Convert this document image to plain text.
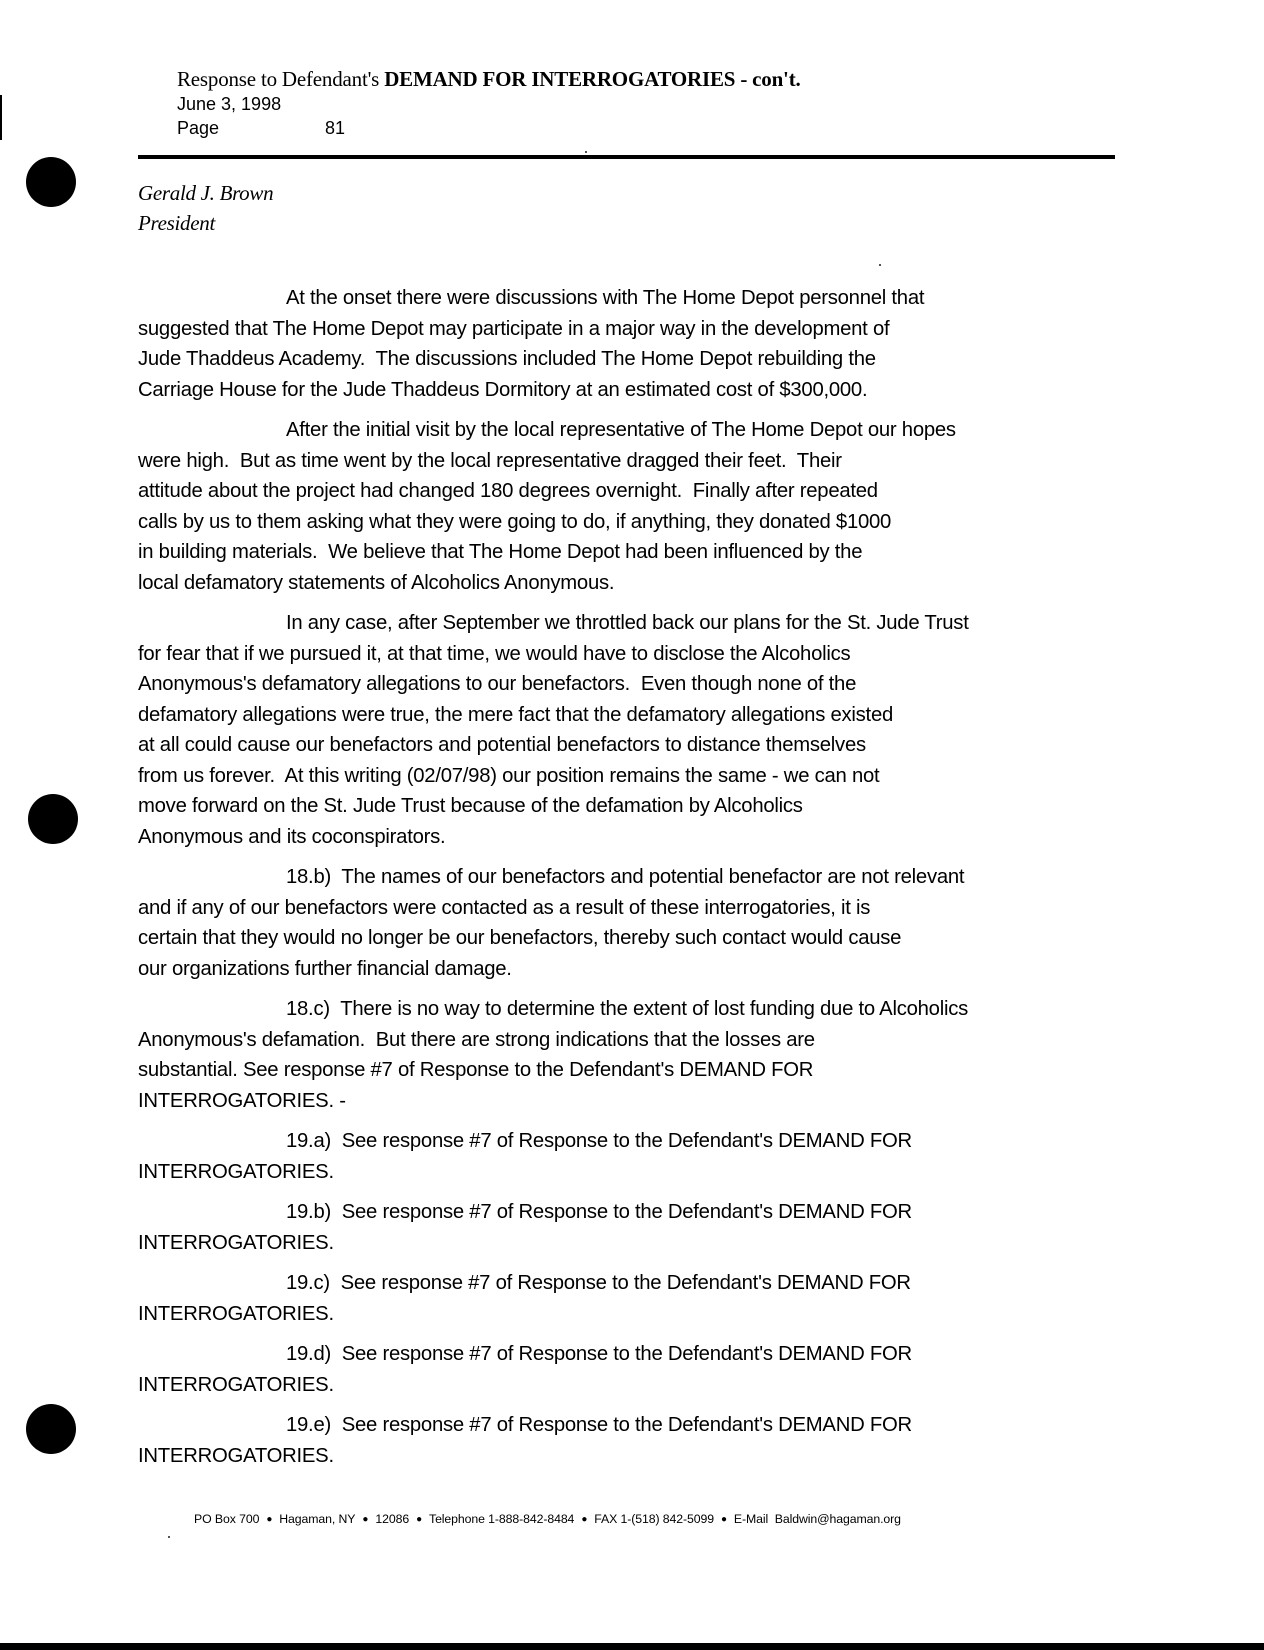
Response to Defendant's DEMAND FOR INTERROGATORIES - con't.
June 3, 1998
Page	81
Gerald J. Brown
President
At the onset there were discussions with The Home Depot personnel that
suggested that The Home Depot may participate in a major way in the development of
Jude Thaddeus Academy.  The discussions included The Home Depot rebuilding the
Carriage House for the Jude Thaddeus Dormitory at an estimated cost of $300,000.
After the initial visit by the local representative of The Home Depot our hopes
were high.  But as time went by the local representative dragged their feet.  Their
attitude about the project had changed 180 degrees overnight.  Finally after repeated
calls by us to them asking what they were going to do, if anything, they donated $1000
in building materials.  We believe that The Home Depot had been influenced by the
local defamatory statements of Alcoholics Anonymous.
In any case, after September we throttled back our plans for the St. Jude Trust
for fear that if we pursued it, at that time, we would have to disclose the Alcoholics
Anonymous's defamatory allegations to our benefactors.  Even though none of the
defamatory allegations were true, the mere fact that the defamatory allegations existed
at all could cause our benefactors and potential benefactors to distance themselves
from us forever.  At this writing (02/07/98) our position remains the same - we can not
move forward on the St. Jude Trust because of the defamation by Alcoholics
Anonymous and its coconspirators.
18.b)  The names of our benefactors and potential benefactor are not relevant
and if any of our benefactors were contacted as a result of these interrogatories, it is
certain that they would no longer be our benefactors, thereby such contact would cause
our organizations further financial damage.
18.c)  There is no way to determine the extent of lost funding due to Alcoholics
Anonymous's defamation.  But there are strong indications that the losses are
substantial. See response #7 of Response to the Defendant's DEMAND FOR
INTERROGATORIES. -
19.a)  See response #7 of Response to the Defendant's DEMAND FOR
INTERROGATORIES.
19.b)  See response #7 of Response to the Defendant's DEMAND FOR
INTERROGATORIES.
19.c)  See response #7 of Response to the Defendant's DEMAND FOR
INTERROGATORIES.
19.d)  See response #7 of Response to the Defendant's DEMAND FOR
INTERROGATORIES.
19.e)  See response #7 of Response to the Defendant's DEMAND FOR
INTERROGATORIES.
PO Box 700 ● Hagaman, NY ● 12086 ● Telephone 1-888-842-8484 ● FAX 1-(518) 842-5099 ● E-Mail  Baldwin@hagaman.org
